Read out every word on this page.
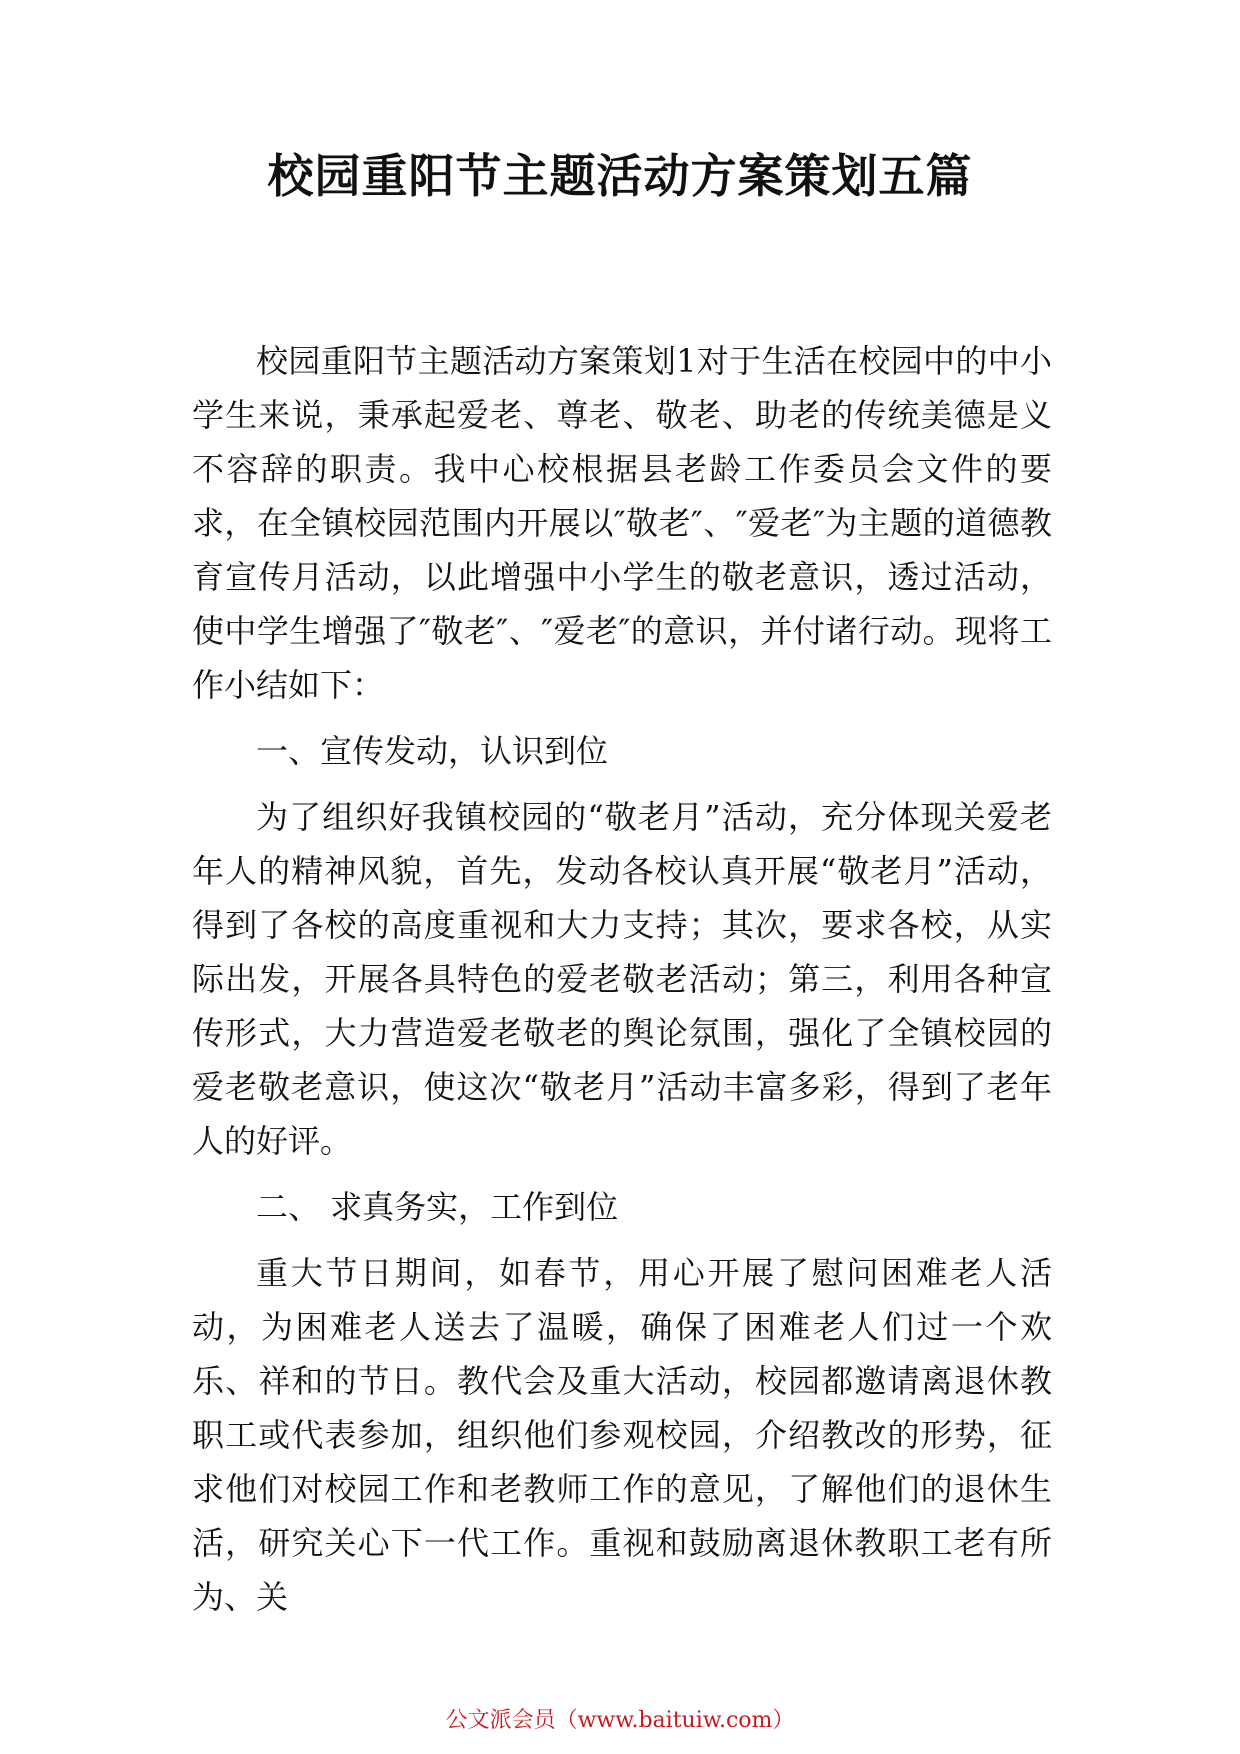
校园重阳节主题活动方案策划五篇

校园重阳节主题活动方案策划1对于生活在校园中的中小学生来说，秉承起爱老、尊老、敬老、助老的传统美德是义不容辞的职责。我中心校根据县老龄工作委员会文件的要求，在全镇校园范围内开展以″敬老″、″爱老″为主题的道德教育宣传月活动，以此增强中小学生的敬老意识，透过活动，使中学生增强了″敬老″、″爱老″的意识，并付诸行动。现将工作小结如下：

一、宣传发动，认识到位

为了组织好我镇校园的“敬老月”活动，充分体现关爱老年人的精神风貌，首先，发动各校认真开展“敬老月”活动，得到了各校的高度重视和大力支持；其次，要求各校，从实际出发，开展各具特色的爱老敬老活动；第三，利用各种宣传形式，大力营造爱老敬老的舆论氛围，强化了全镇校园的爱老敬老意识，使这次“敬老月”活动丰富多彩，得到了老年人的好评。

二、 求真务实，工作到位

重大节日期间，如春节，用心开展了慰问困难老人活动，为困难老人送去了温暖，确保了困难老人们过一个欢乐、祥和的节日。教代会及重大活动，校园都邀请离退休教职工或代表参加，组织他们参观校园，介绍教改的形势，征求他们对校园工作和老教师工作的意见，了解他们的退休生活，研究关心下一代工作。重视和鼓励离退休教职工老有所为、关

公文派会员（www.baituiw.com）
